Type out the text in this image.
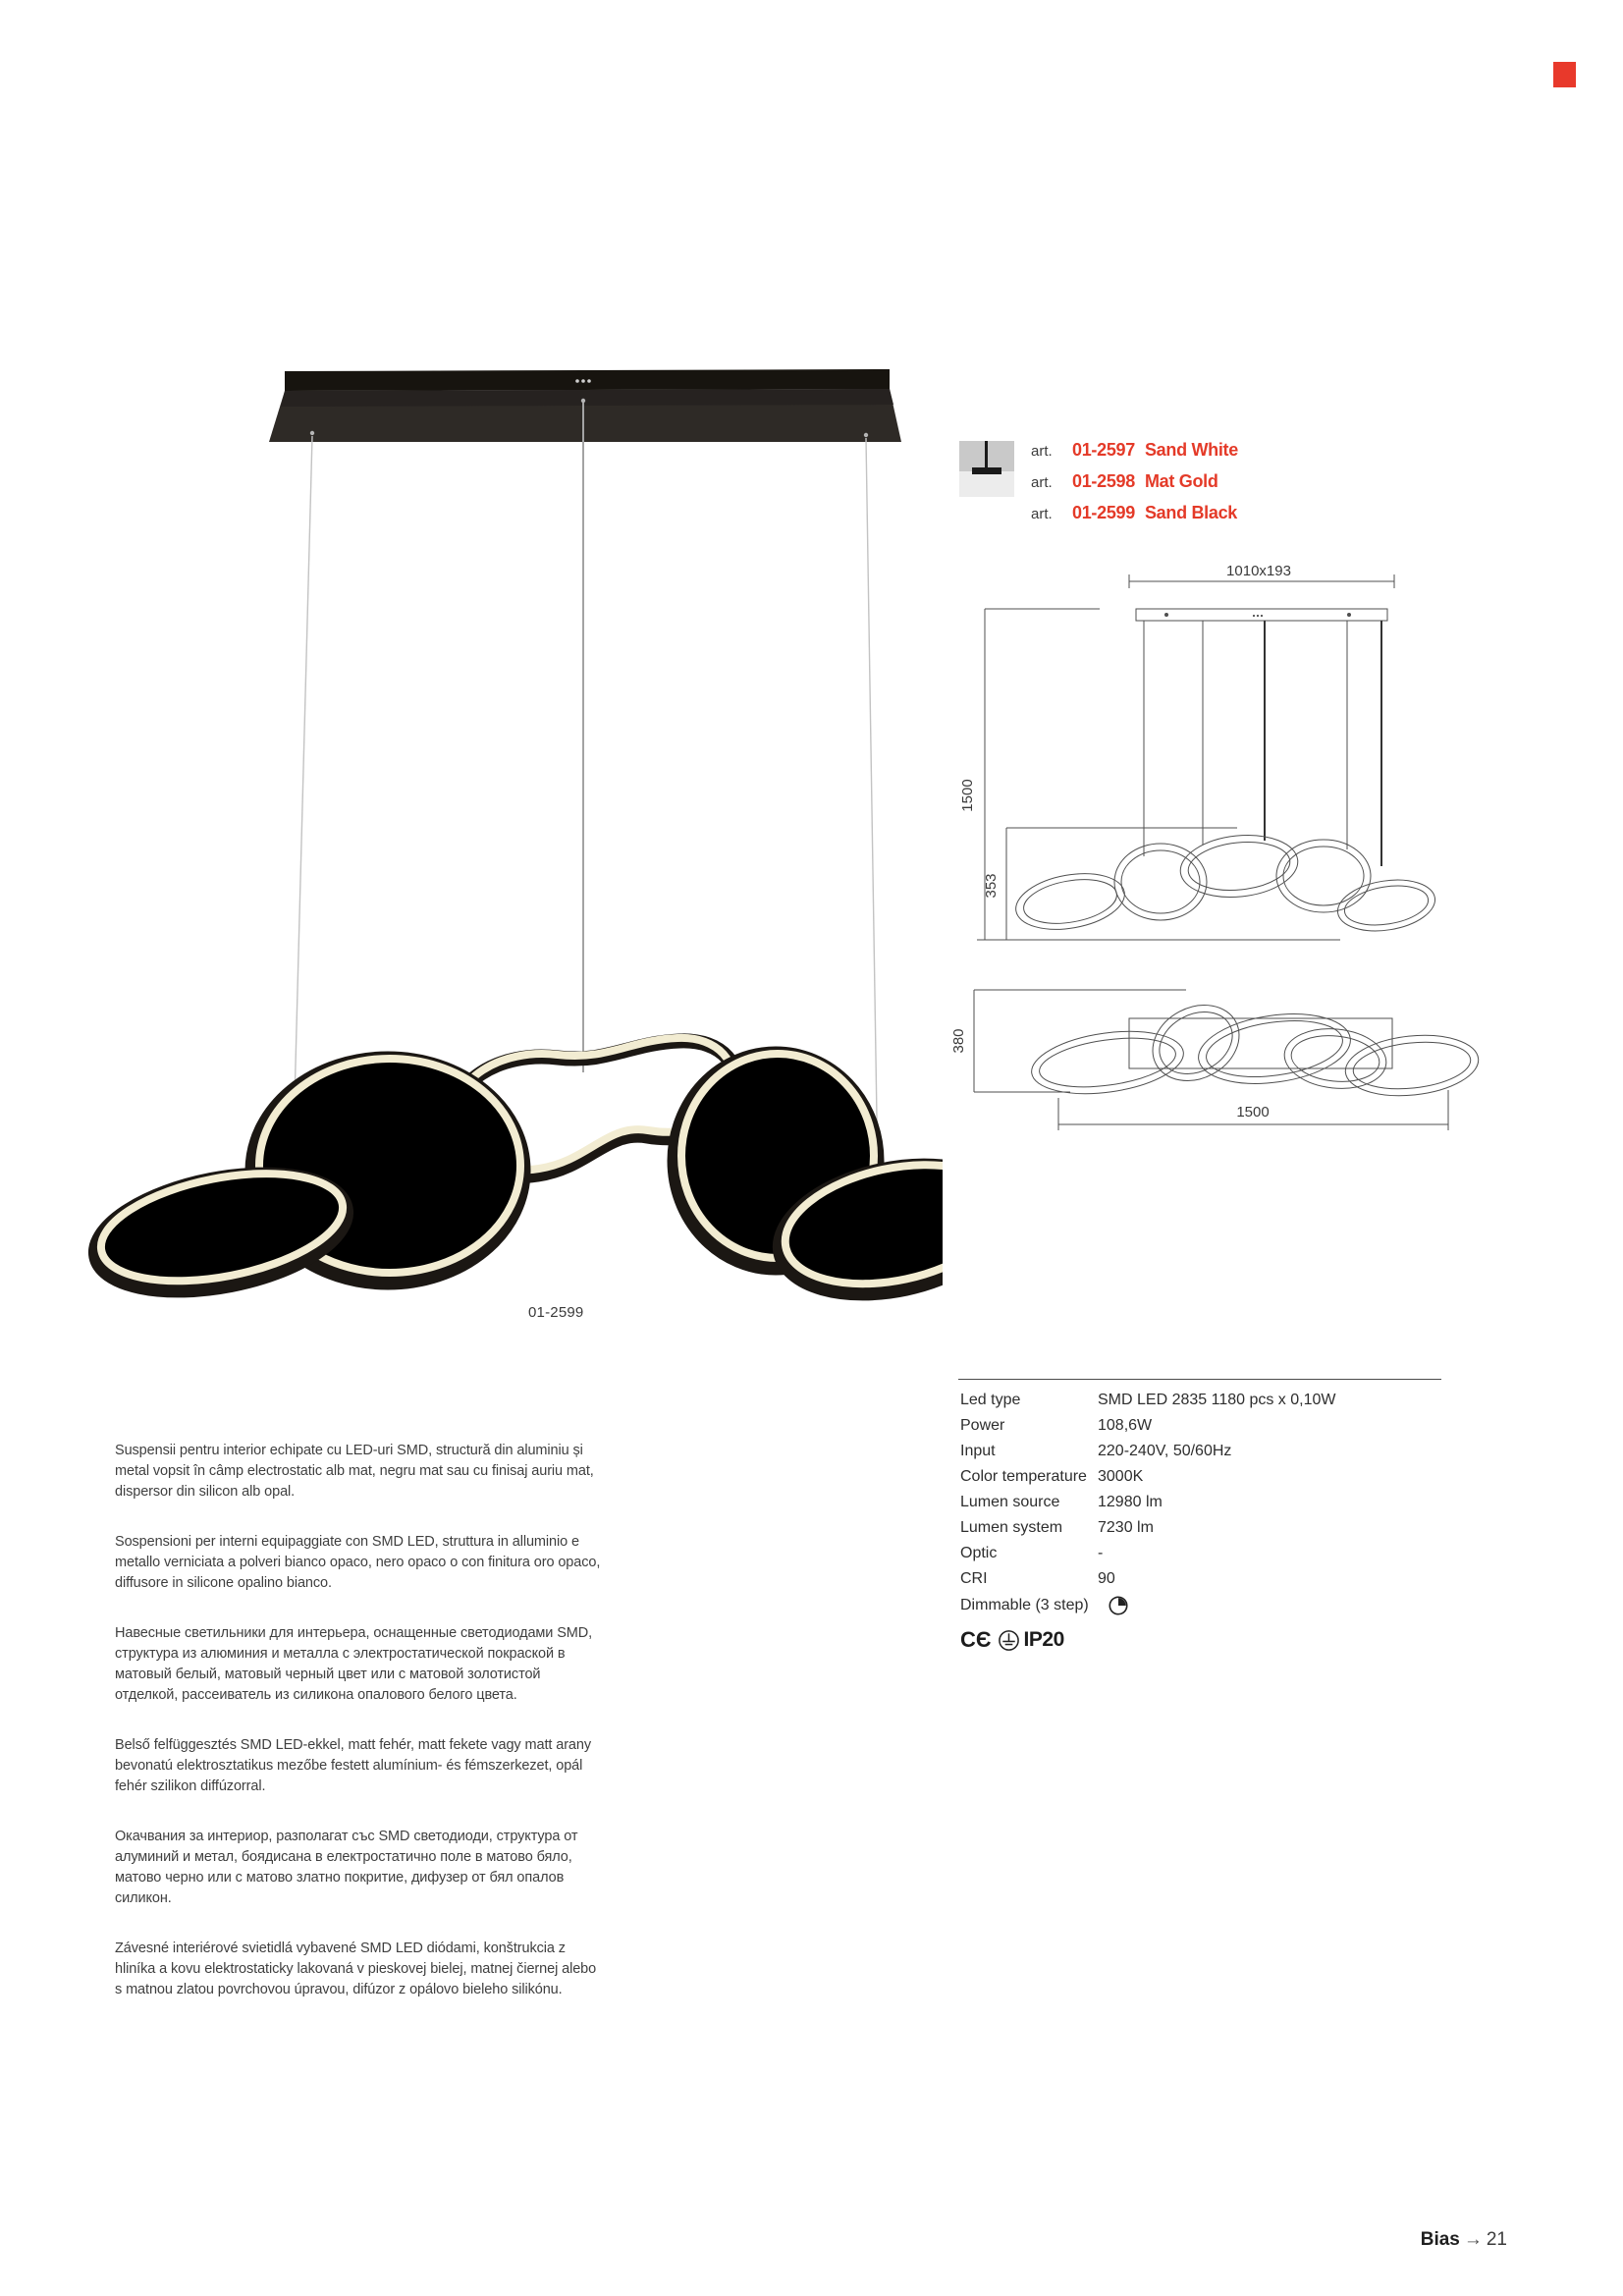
01-2599
art.	01-2597 Sand White
art.	01-2598 Mat Gold
art.	01-2599 Sand Black
1010x193
1500
353
380
1500
Led type	SMD LED 2835 1180 pcs x 0,10W
Power	108,6W
Input	220-240V, 50/60Hz
Color temperature 3000K
Lumen source	12980 lm
Lumen system	7230 lm
Optic	-
CRI	90
Dimmable (3 step)
CЄ IP20

Suspensii pentru interior echipate cu LED-uri SMD, structură din aluminiu și metal vopsit în câmp electrostatic alb mat, negru mat sau cu finisaj auriu mat, dispersor din silicon alb opal.

Sospensioni per interni equipaggiate con SMD LED, struttura in alluminio e metallo verniciata a polveri bianco opaco, nero opaco o con finitura oro opaco, diffusore in silicone opalino bianco.

Навесные светильники для интерьера, оснащенные светодиодами SMD, структура из алюминия и металла с электростатической покраской в матовый белый, матовый черный цвет или с матовой золотистой отделкой, рассеиватель из силикона опалового белого цвета.

Belső felfüggesztés SMD LED-ekkel, matt fehér, matt fekete vagy matt arany bevonatú elektrosztatikus mezőbe festett alumínium- és fémszerkezet, opál fehér szilikon diffúzorral.

Окачвания за интериор, разполагат със SMD светодиоди, структура от алуминий и метал, боядисана в електростатично поле в матово бяло, матово черно или с матово златно покритие, дифузер от бял опалов силикон.

Závesné interiérové svietidlá vybavené SMD LED diódami, konštrukcia z hliníka a kovu elektrostaticky lakovaná v pieskovej bielej, matnej čiernej alebo s matnou zlatou povrchovou úpravou, difúzor z opálovo bieleho silikónu.

Bias → 21
